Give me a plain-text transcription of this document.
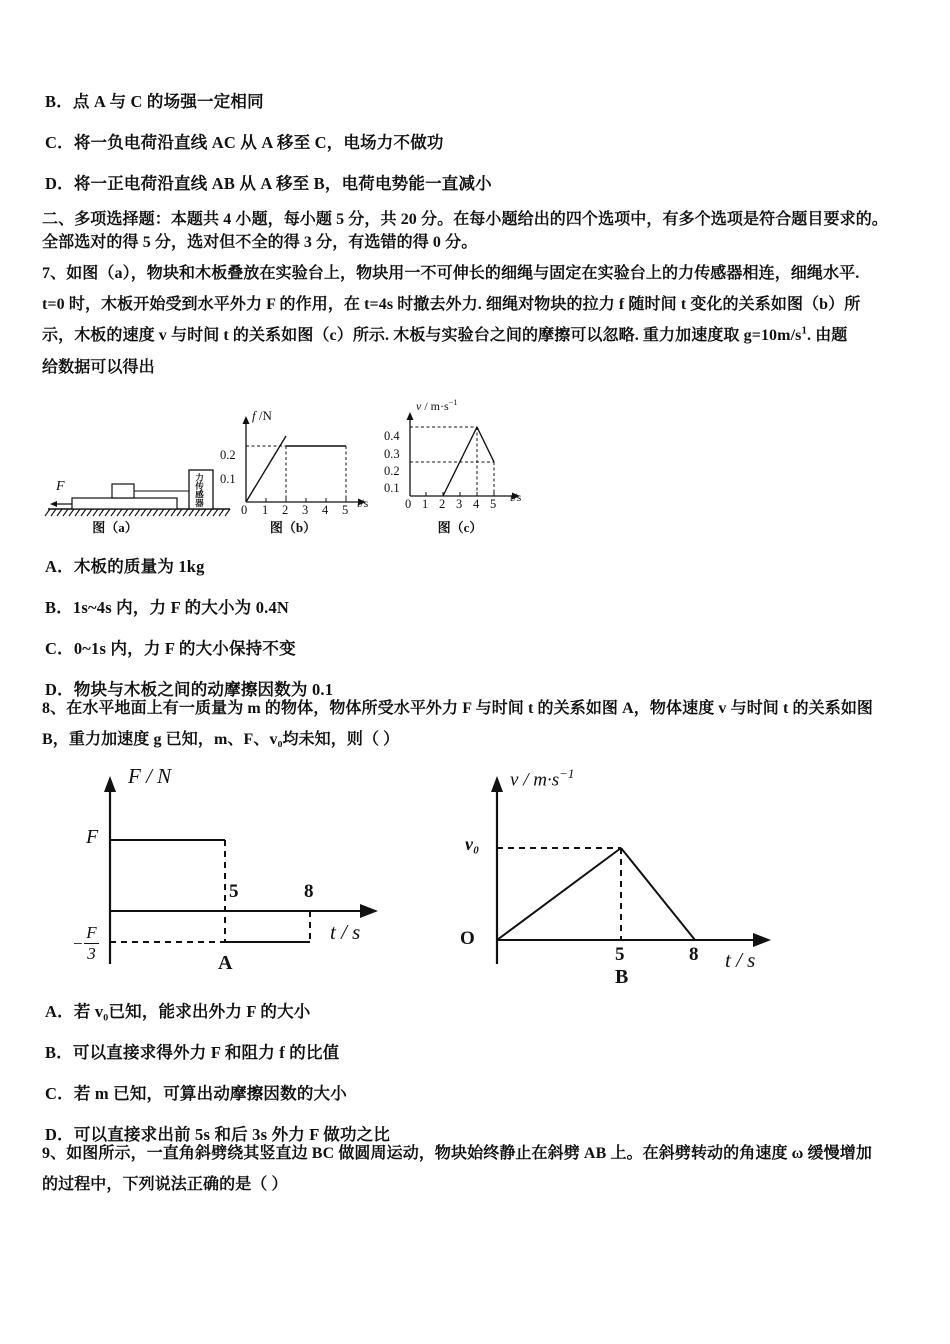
B．点 A 与 C 的场强一定相同
C．将一负电荷沿直线 AC 从 A 移至 C，电场力不做功
D．将一正电荷沿直线 AB 从 A 移至 B，电荷电势能一直减小
二、多项选择题：本题共 4 小题，每小题 5 分，共 20 分。在每小题给出的四个选项中，有多个选项是符合题目要求的。
全部选对的得 5 分，选对但不全的得 3 分，有选错的得 0 分。
7、如图（a），物块和木板叠放在实验台上，物块用一不可伸长的细绳与固定在实验台上的力传感器相连，细绳水平.
t=0 时，木板开始受到水平外力 F 的作用，在 t=4s 时撤去外力. 细绳对物块的拉力 f 随时间 t 变化的关系如图（b）所
示，木板的速度 v 与时间 t 的关系如图（c）所示. 木板与实验台之间的摩擦可以忽略. 重力加速度取 $g=10m/s^1$. 由题
给数据可以得出
F	力传感器
图（a）
f /N
t/s
0.2
0.1
0 1 2 3 4 5
图（b）
$v / m\cdot s^{-1}$
t/s
0.4
0.3
0.2
0.1
0 1 2 3 4 5
图（c）
A．木板的质量为 1kg
B．1s~4s 内，力 F 的大小为 0.4N
C．0~1s 内，力 F 的大小保持不变
D．物块与木板之间的动摩擦因数为 0.1
8、在水平地面上有一质量为 m 的物体，物体所受水平外力 F 与时间 t 的关系如图 A，物体速度 v 与时间 t 的关系如图
B，重力加速度 g 已知，m、F、v₀均未知，则（ ）
F / N
t / s
F
−
F
3
5	8
A
$v / m\cdot s^{-1}$
t / s
v₀
O
5	8
B
A．若 v₀已知，能求出外力 F 的大小
B．可以直接求得外力 F 和阻力 f 的比值
C．若 m 已知，可算出动摩擦因数的大小
D．可以直接求出前 5s 和后 3s 外力 F 做功之比
9、如图所示，一直角斜劈绕其竖直边 BC 做圆周运动，物块始终静止在斜劈 AB 上。在斜劈转动的角速度 ω 缓慢增加
的过程中，下列说法正确的是（ ）
